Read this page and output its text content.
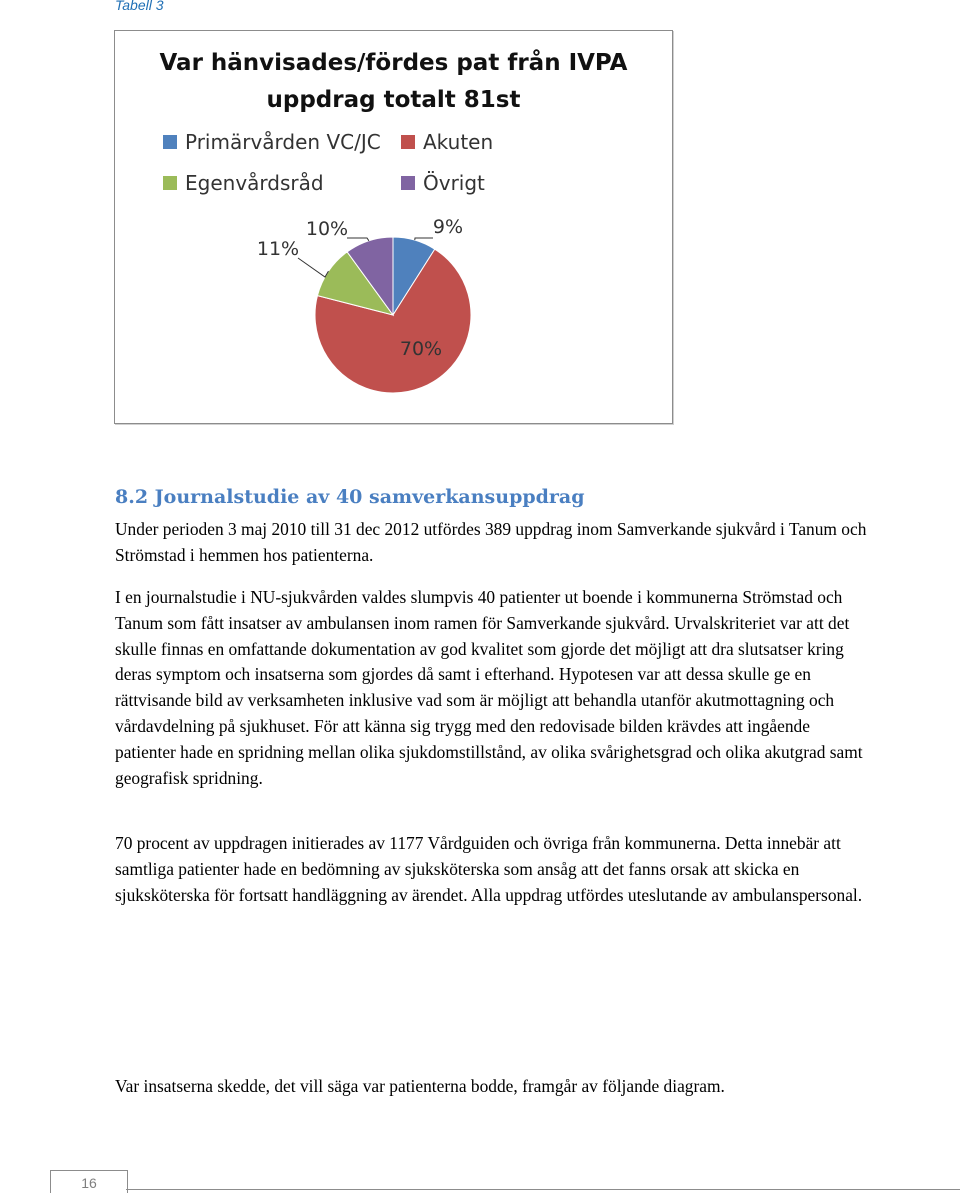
Tabell 3
Var hänvisades/fördes pat från IVPA
uppdrag totalt 81st
Primärvården VC/JC Akuten
Egenvårdsråd	Övrigt
9%
70%
11%
10%
8.2 Journalstudie av 40 samverkansuppdrag

Under perioden 3 maj 2010 till 31 dec 2012 utfördes 389 uppdrag inom Samverkande sjukvård i Tanum och Strömstad i hemmen hos patienterna.

I en journalstudie i NU-sjukvården valdes slumpvis 40 patienter ut boende i kommunerna Strömstad och Tanum som fått insatser av ambulansen inom ramen för Samverkande sjukvård. Urvalskriteriet var att det skulle finnas en omfattande dokumentation av god kvalitet som gjorde det möjligt att dra slutsatser kring deras symptom och insatserna som gjordes då samt i efterhand. Hypotesen var att dessa skulle ge en rättvisande bild av verksamheten inklusive vad som är möjligt att behandla utanför akutmottagning och vårdavdelning på sjukhuset. För att känna sig trygg med den redovisade bilden krävdes att ingående patienter hade en spridning mellan olika sjukdomstillstånd, av olika svårighetsgrad och olika akutgrad samt geografisk spridning.

70 procent av uppdragen initierades av 1177 Vårdguiden och övriga från kommunerna. Detta innebär att samtliga patienter hade en bedömning av sjuksköterska som ansåg att det fanns orsak att skicka en sjuksköterska för fortsatt handläggning av ärendet. Alla uppdrag utfördes uteslutande av ambulanspersonal.

Var insatserna skedde, det vill säga var patienterna bodde, framgår av följande diagram.

16
